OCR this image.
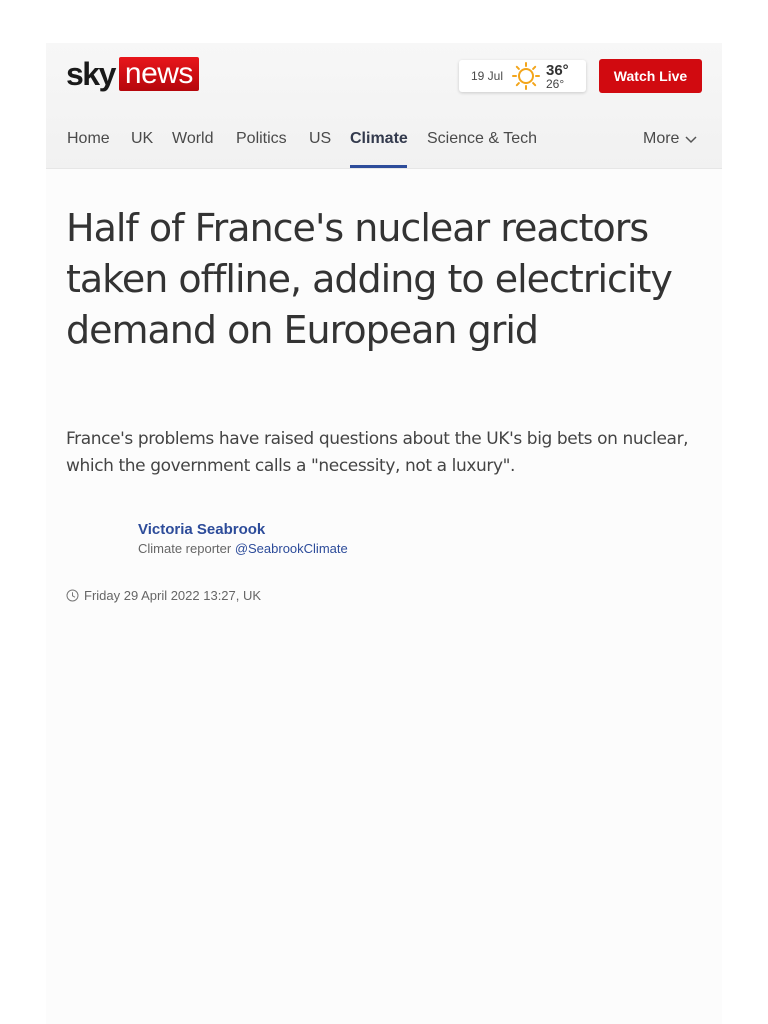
sky news	19 Jul	36°
26°	Watch Live
Home UK World Politics US Climate Science & Tech	More
Half of France's nuclear reactors taken offline, adding to electricity demand on European grid

France's problems have raised questions about the UK's big bets on nuclear, which the government calls a "necessity, not a luxury".

Victoria Seabrook
Climate reporter @SeabrookClimate
Friday 29 April 2022 13:27, UK
